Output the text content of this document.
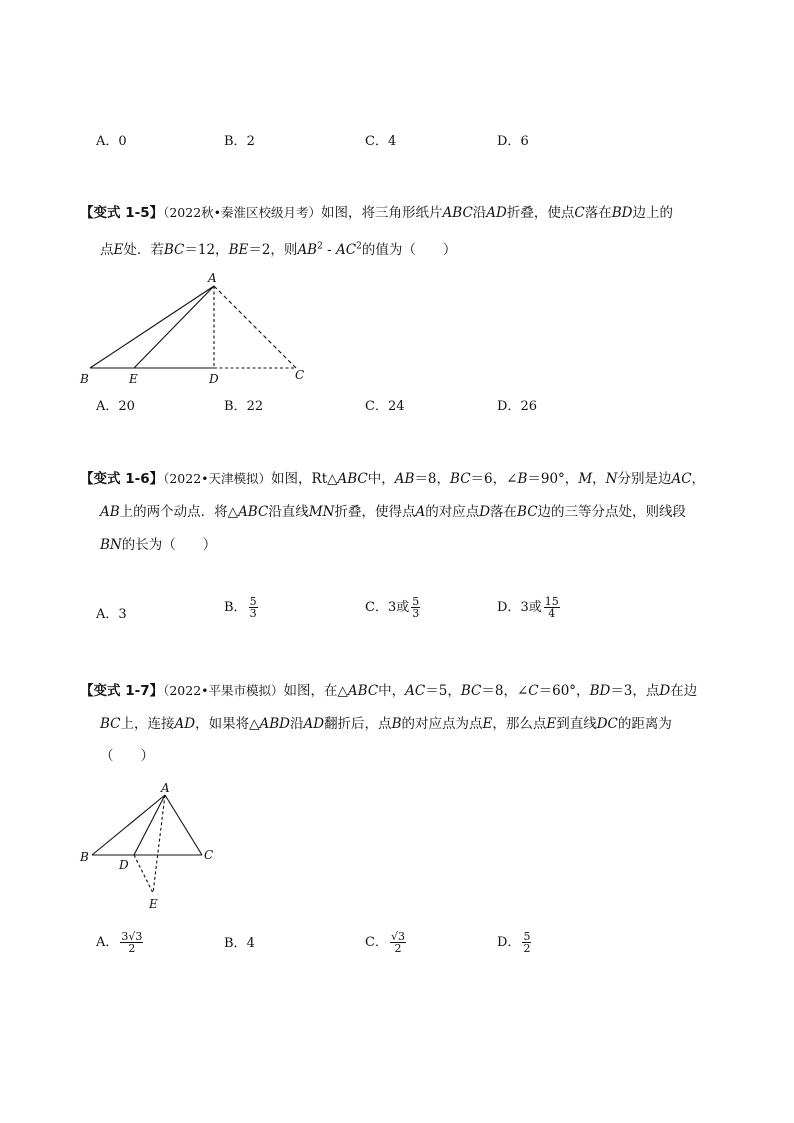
A．0	B．2	C．4	D．6
【变式 1-5】（2022秋•秦淮区校级月考）如图，将三角形纸片ABC沿AD折叠，使点C落在BD边上的
点E处．若BC＝12，BE＝2，则$AB^2 - AC^2$的值为（　　）
A
B	E	D	C
A．20	B．22	C．24	D．26
【变式 1-6】（2022•天津模拟）如图，Rt△ABC中，AB＝8，BC＝6，∠B＝90°，M，N分别是边AC，
AB上的两个动点．将△ABC沿直线MN折叠，使得点A的对应点D落在BC边的三等分点处，则线段
BN的长为（　　）
A．3	B． $\frac{5}{3}$	C．3或 $\frac{5}{3}$	D．3或 $\frac{15}{4}$
【变式 1-7】（2022•平果市模拟）如图，在△ABC中，AC＝5，BC＝8，∠C＝60°，BD＝3，点D在边
BC上，连接AD，如果将△ABD沿AD翻折后，点B的对应点为点E，那么点E到直线DC的距离为
（　　）
A
B
D
C
E
A． $\frac{3√3}{2}$	B．4	C． $\frac{√3}{2}$	D． $\frac{5}{2}$
